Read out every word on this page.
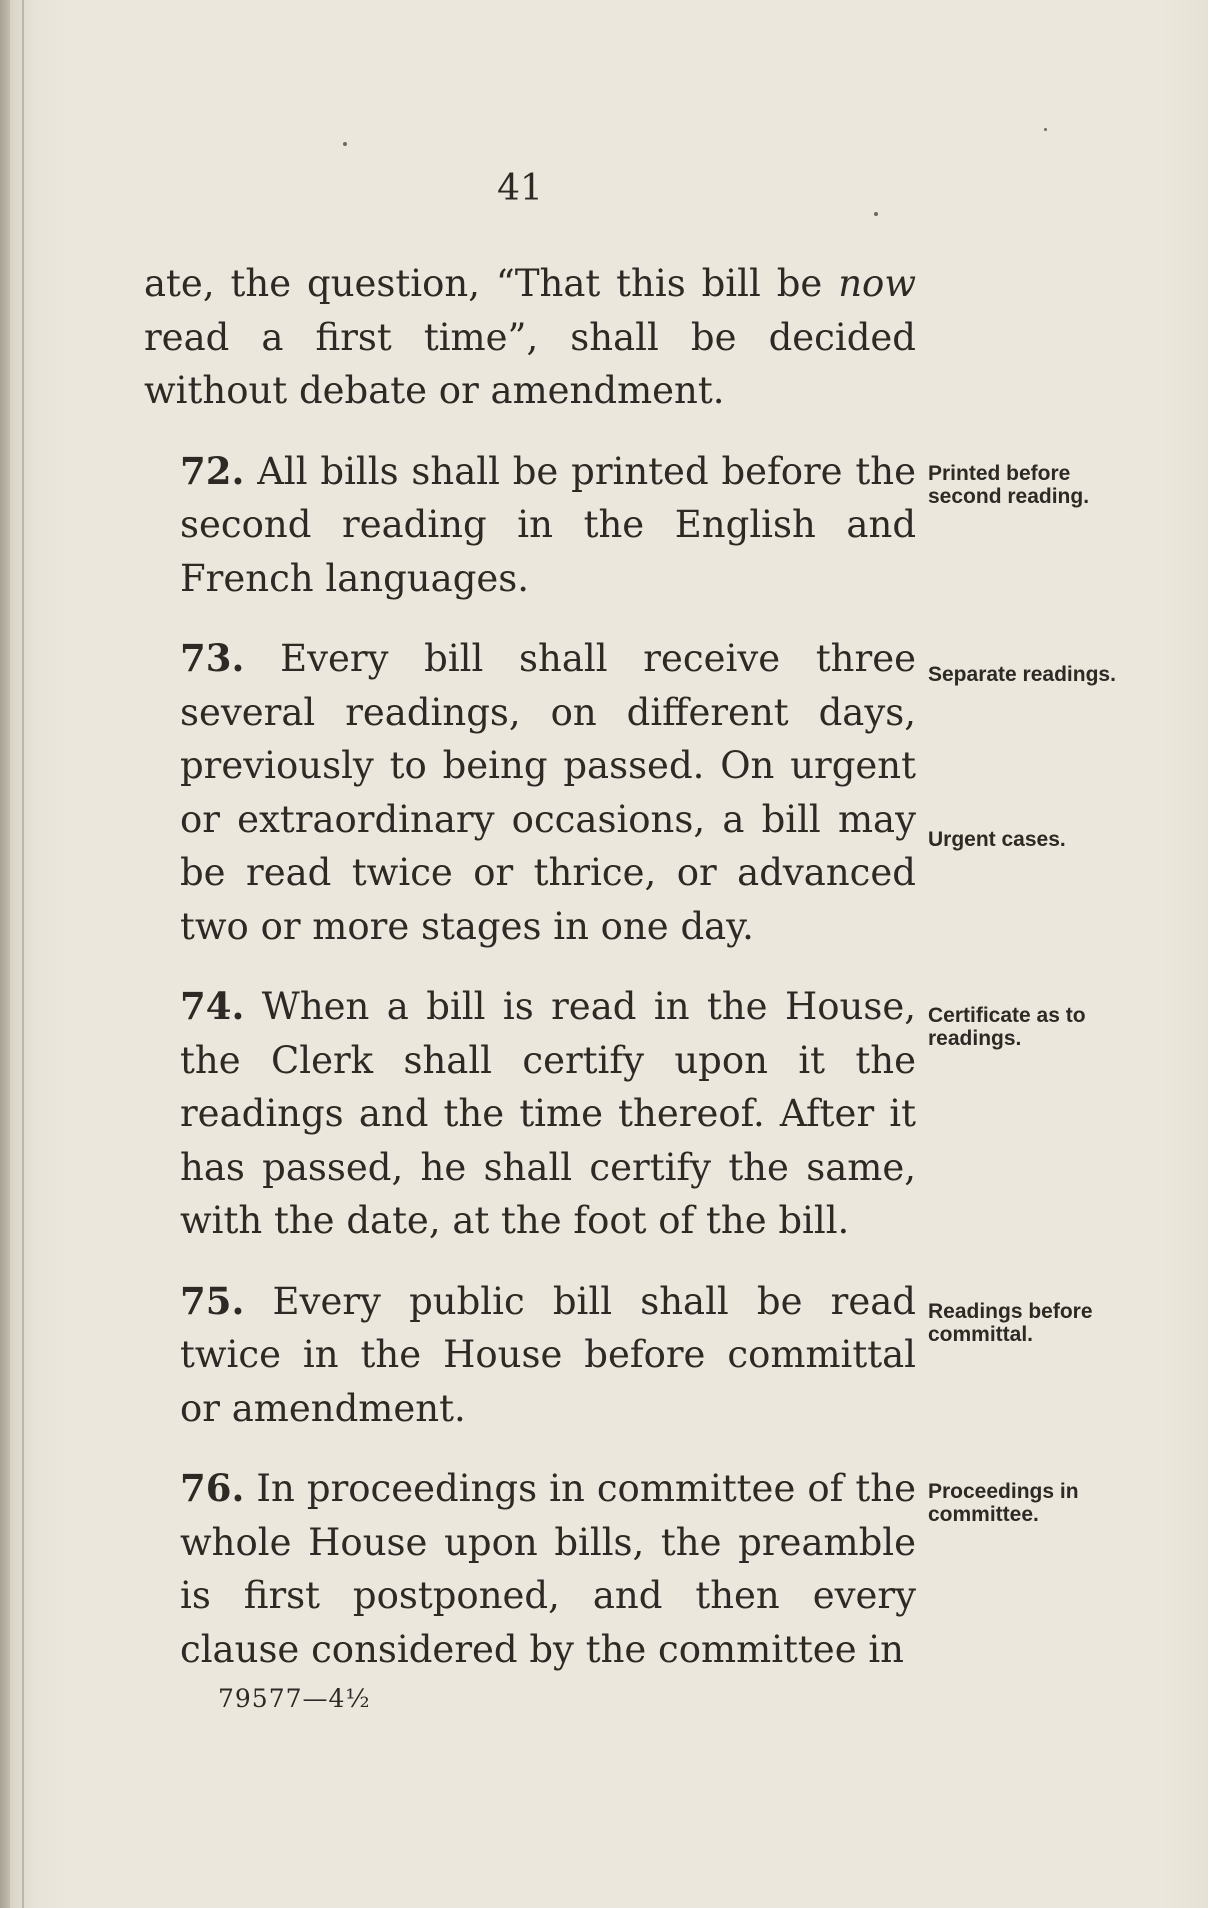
41

ate, the question, “That this bill be now read a first time”, shall be decided without debate or amendment.

72. All bills shall be printed before the second reading in the English and French languages.

73. Every bill shall receive three several readings, on different days, previously to being passed. On urgent or extraordinary occasions, a bill may be read twice or thrice, or advanced two or more stages in one day.

74. When a bill is read in the House, the Clerk shall certify upon it the readings and the time thereof. After it has passed, he shall certify the same, with the date, at the foot of the bill.

75. Every public bill shall be read twice in the House before committal or amendment.

76. In proceedings in committee of the whole House upon bills, the preamble is first postponed, and then every clause considered by the committee in

Printed before second reading.
Separate readings.
Urgent cases.
Certificate as to readings.
Readings before committal.
Proceedings in committee.
79577—4½
